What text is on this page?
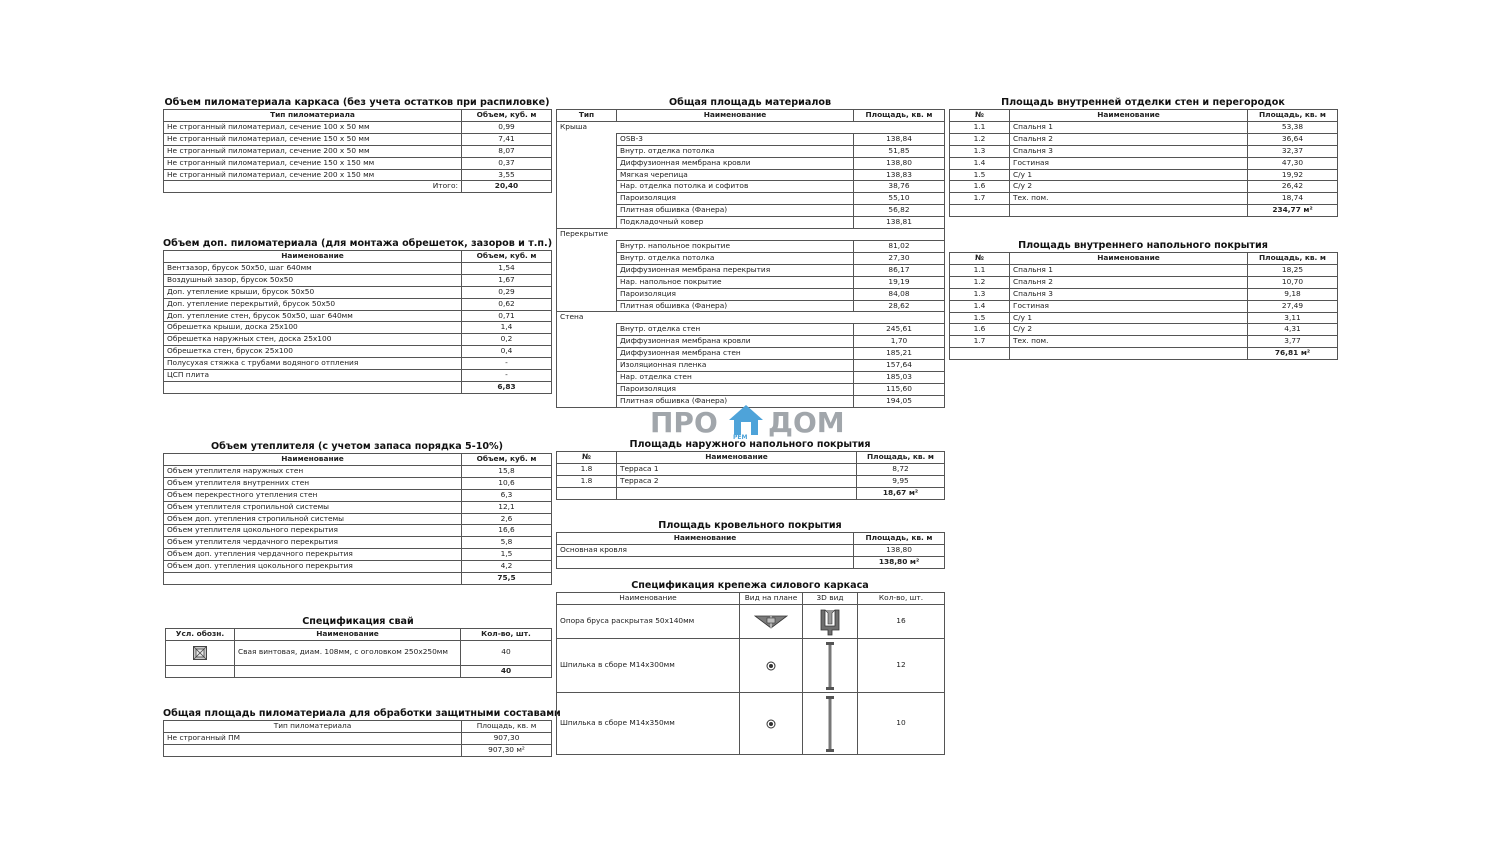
Объем пиломатериала каркаса (без учета остатков при распиловке)
Тип пиломатериала	Объем, куб. м
Не строганный пиломатериал, сечение 100 х 50 мм	0,99
Не строганный пиломатериал, сечение 150 х 50 мм	7,41
Не строганный пиломатериал, сечение 200 х 50 мм	8,07
Не строганный пиломатериал, сечение 150 х 150 мм	0,37
Не строганный пиломатериал, сечение 200 х 150 мм	3,55
Итого:	20,40
Объем доп. пиломатериала (для монтажа обрешеток, зазоров и т.п.)
Наименование	Объем, куб. м
Вентзазор, брусок 50х50, шаг 640мм	1,54
Воздушный зазор, брусок 50х50	1,67
Доп. утепление крыши, брусок 50х50	0,29
Доп. утепление перекрытий, брусок 50х50	0,62
Доп. утепление стен, брусок 50х50, шаг 640мм	0,71
Обрешетка крыши, доска 25х100	1,4
Обрешетка наружных стен, доска 25х100	0,2
Обрешетка стен, брусок 25х100	0,4
Полусухая стяжка с трубами водяного отпления	-
ЦСП плита	-
	6,83
Объем утеплителя (с учетом запаса порядка 5-10%)
Наименование	Объем, куб. м
Объем утеплителя наружных стен	15,8
Объем утеплителя внутренних стен	10,6
Объем перекрестного утепления стен	6,3
Объем утеплителя стропильной системы	12,1
Объем доп. утепления стропильной системы	2,6
Объем утеплителя цокольного перекрытия	16,6
Объем утеплителя чердачного перекрытия	5,8
Объем доп. утепления чердачного перекрытия	1,5
Объем доп. утепления цокольного перекрытия	4,2
	75,5
Спецификация свай
Усл. обозн.	Наименование	Кол-во, шт.

	Свая винтовая, диам. 108мм, с оголовком 250х250мм	40
		40
Общая площадь пиломатериала для обработки защитными составами
Тип пиломатериала	Площадь, кв. м
Не строганный ПМ	907,30
	907,30 м²
Общая площадь материалов
Тип	Наименование	Площадь, кв. м
Крыша		
	OSB-3	138,84
	Внутр. отделка потолка	51,85
	Диффузионная мембрана кровли	138,80
	Мягкая черепица	138,83
	Нар. отделка потолка и софитов	38,76
	Пароизоляция	55,10
	Плитная обшивка (Фанера)	56,82
	Подкладочный ковер	138,81
Перекрытие		
	Внутр. напольное покрытие	81,02
	Внутр. отделка потолка	27,30
	Диффузионная мембрана перекрытия	86,17
	Нар. напольное покрытие	19,19
	Пароизоляция	84,08
	Плитная обшивка (Фанера)	28,62
Стена		
	Внутр. отделка стен	245,61
	Диффузионная мембрана кровли	1,70
	Диффузионная мембрана стен	185,21
	Изоляционная пленка	157,64
	Нар. отделка стен	185,03
	Пароизоляция	115,60
	Плитная обшивка (Фанера)	194,05
ПРО	РЕМ ДОМ
Площадь наружного напольного покрытия
№	Наименование	Площадь, кв. м
1.8	Терраса 1	8,72
1.8	Терраса 2	9,95
		18,67 м²
Площадь кровельного покрытия
Наименование	Площадь, кв. м
Основная кровля	138,80
	138,80 м²
Спецификация крепежа силового каркаса
Наименование	Вид на плане	3D вид	Кол-во, шт.
Опора бруса раскрытая 50х140мм			16
Шпилька в сборе М14х300мм			12
Шпилька в сборе М14х350мм			10
Площадь внутренней отделки стен и перегородок
№	Наименование	Площадь, кв. м
1.1	Спальня 1	53,38
1.2	Спальня 2	36,64
1.3	Спальня 3	32,37
1.4	Гостиная	47,30
1.5	С/у 1	19,92
1.6	С/у 2	26,42
1.7	Тех. пом.	18,74
		234,77 м²
Площадь внутреннего напольного покрытия
№	Наименование	Площадь, кв. м
1.1	Спальня 1	18,25
1.2	Спальня 2	10,70
1.3	Спальня 3	9,18
1.4	Гостиная	27,49
1.5	С/у 1	3,11
1.6	С/у 2	4,31
1.7	Тех. пом.	3,77
		76,81 м²
